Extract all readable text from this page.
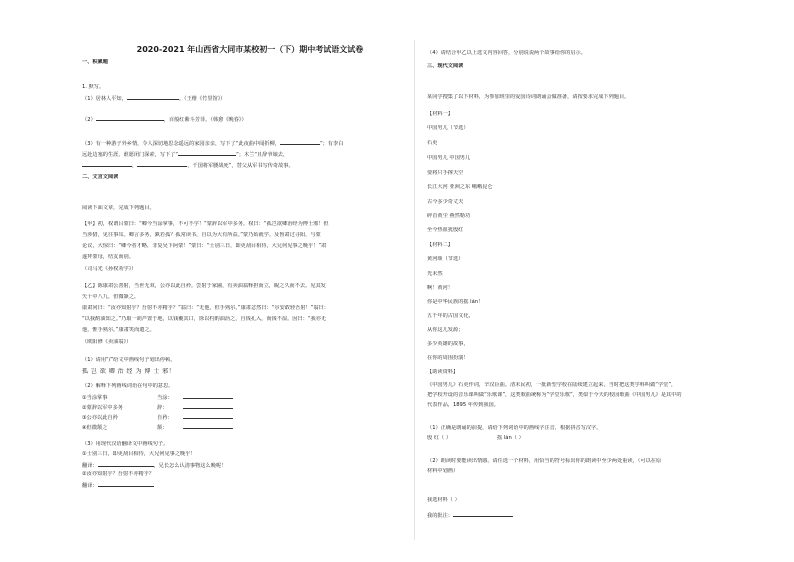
2020-2021 年山西省大同市某校初一（下）期中考试语文试卷
一、积累题
1. 默写。
（1）居林人平知，	。（王维《竹里馆》）
（2）	，百般红紫斗芳菲。（韩愈《晚春》）
（3）有一种游子外乡情，令人深切地思念遥远的家园亲亲，写下了“此夜曲中闻折柳，	”；有李白
远赴边塞的生涯。谁愿闭门深索，写下了“	”；木兰“且辞爷娘去，
，	，千国将军腰战死”，替父从军书写传奇故事。
二、文言文阅读
阅读下面文章，完成下列题目。
【甲】初，权谓吕蒙曰：“卿今当涂掌事，不可不学！”蒙辞以军中多务。权曰：“孤岂欲卿治经为博士邪！但
当涉猎，见往事耳。卿言多务，孰若孤？孤常读书，自以为大有所益。”蒙乃始就学。及鲁肃过寻阳，与蒙
论议，大惊曰：“卿今者才略，非复吴下阿蒙！”蒙曰：“士别三日，即更刮目相待，大兄何见事之晚乎！”肃
遂拜蒙母，结友而别。
（司马光《孙权劝学》）
【乙】陈康肃公善射，当世无双，公亦以此自矜。尝射于家圃，有卖油翁释担而立，睨之久而不去。见其发
矢十中八九，但微颔之。
康肃问曰：“汝亦知射乎？吾射不亦精乎？”翁曰：“无他，但手熟尔。”康肃忿然曰：“尔安敢轻吾射！”翁曰：
“以我酌油知之。”乃取一葫芦置于地，以钱覆其口，徐以杓酌油沥之，自钱孔入，而钱不湿。因曰：“我亦无
他，惟手熟尔。”康肃笑而遣之。
（欧阳修《卖油翁》）
（1）请用“/”给文中画线句子划出停顿。
孤 岂 欲 卿 治 经 为 博 士 邪！
（2）解释下列画线词语在句中的意思。
①当涂掌事	当涂：
②蒙辞以军中多务	辞：
③公亦以此自矜	自矜：
④但微颔之	颔：
（3）用现代汉语翻译文中画线句子。
①士别三日，即更刮目相待，大兄何见事之晚乎！
翻译：	，兄长怎么认清事物这么晚呢！
②汝亦知射乎？吾射不亦精乎？
翻译：
（4）请结合甲乙以上选文内容回答，分别说说两个故事给你的启示。
三、现代文阅读
某同学搜集了以下材料，为参加班里的爱国诗词朗诵会做准备，请按要求完成下列题目。
【材料一】
中国男儿（节选）
石更
中国男儿 中国男儿
要将只手撑天空
长江大河 亚洲之东 峨峨昆仑
古今多少奇丈夫
碎首黄尘 燕然勒功
至今热血犹殷红
【材料二】
黄河颂（节选）
光未然
啊！黄河！
你是中华民族的摇 lán！
五千年的古国文化，
从你这儿发源；
多少英雄的故事，
在你的周围扮演！
【助读资料】
《中国男儿》石更作词，辛汉臣曲。清末民初，一批新型学校在陆续建立起来，当时把这类学科叫做“学堂”，
把学校开设的音乐课叫做“乐歌课”，这类歌曲统称为“学堂乐歌”，类似于今天的校园歌曲《中国男儿》是其中的
代表作品，1895 年传到我国。
（1）正确是朗诵的前提，请给下列词语中的画线字注音，根据拼音写汉字。
殷 红（ ）	摇 lán（ ）
（2）朗读时要能读出情感。请任选一个材料，用恰当的符号标出你的朗读中至少两处重读，（可以在原
材料中划画）
我选材料（ ）
我的批注：
